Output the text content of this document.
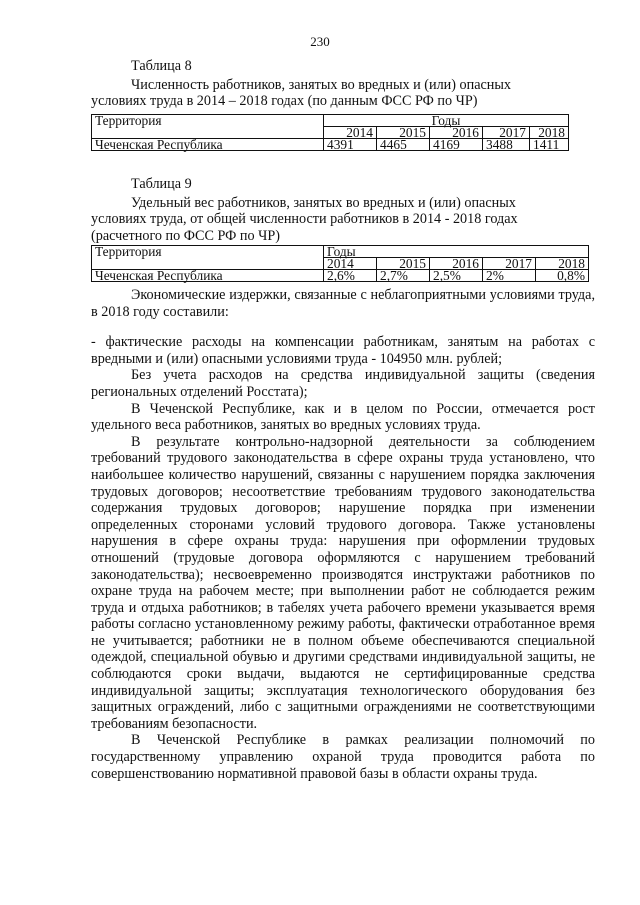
230
Таблица 8
Численность работников, занятых во вредных и (или) опасных
условиях труда в 2014 – 2018 годах (по данным ФСС РФ по ЧР)
Территория	Годы				
	2014	2015	2016	2017	2018
Чеченская Республика	4391	4465	4169	3488	1411
Таблица 9
Удельный вес работников, занятых во вредных и (или) опасных
условиях труда, от общей численности работников в 2014 - 2018 годах
(расчетного по ФСС РФ по ЧР)
Территория	Годы				
	2014	2015	2016	2017	2018
Чеченская Республика	2,6%	2,7%	2,5%	2%	0,8%

Экономические издержки, связанные с неблагоприятными условиями труда, в 2018 году составили:

- фактические расходы на компенсации работникам, занятым на работах с вредными и (или) опасными условиями труда - 104950 млн. рублей;

Без учета расходов на средства индивидуальной защиты (сведения региональных отделений Росстата);

В Чеченской Республике, как и в целом по России, отмечается рост удельного веса работников, занятых во вредных условиях труда.

В результате контрольно-надзорной деятельности за соблюдением требований трудового законодательства в сфере охраны труда установлено, что наибольшее количество нарушений, связанны с нарушением порядка заключения трудовых договоров; несоответствие требованиям трудового законодательства содержания трудовых договоров; нарушение порядка при изменении определенных сторонами условий трудового договора. Также установлены нарушения в сфере охраны труда: нарушения при оформлении трудовых отношений (трудовые договора оформляются с нарушением требований законодательства); несвоевременно производятся инструктажи работников по охране труда на рабочем месте; при выполнении работ не соблюдается режим труда и отдыха работников; в табелях учета рабочего времени указывается время работы согласно установленному режиму работы, фактически отработанное время не учитывается; работники не в полном объеме обеспечиваются специальной одеждой, специальной обувью и другими средствами индивидуальной защиты, не соблюдаются сроки выдачи, выдаются не сертифицированные средства индивидуальной защиты; эксплуатация технологического оборудования без защитных ограждений, либо с защитными ограждениями не соответствующими требованиям безопасности.

В Чеченской Республике в рамках реализации полномочий по государственному управлению охраной труда проводится работа по совершенствованию нормативной правовой базы в области охраны труда.
